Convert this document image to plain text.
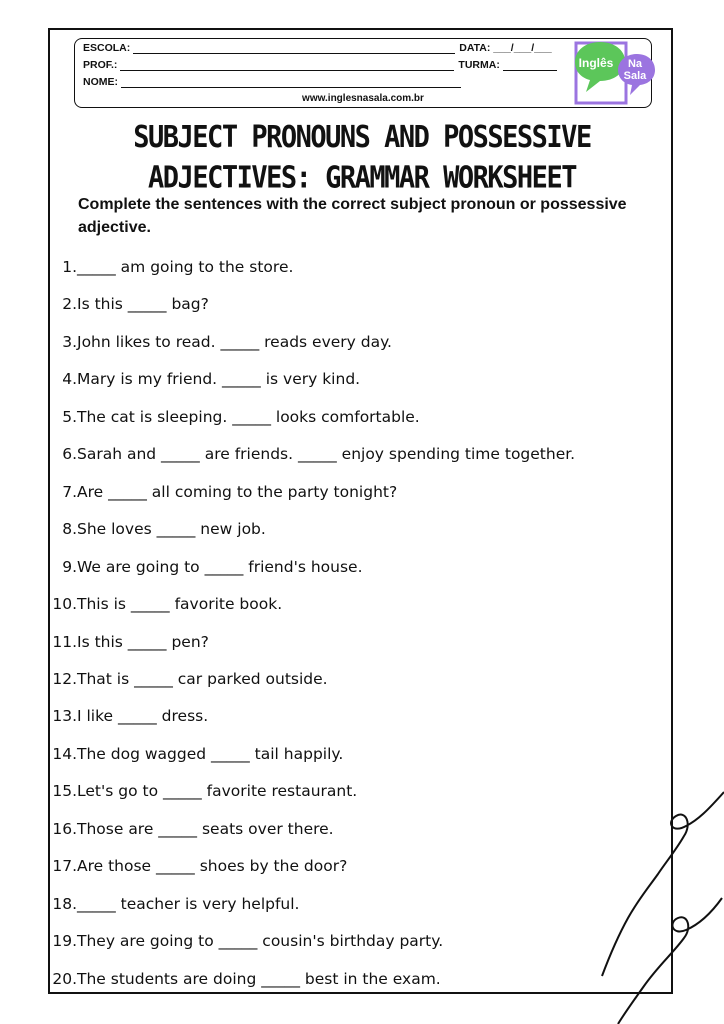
ESCOLA:	DATA: ___/___/___
PROF.:	TURMA:
NOME:
www.inglesnasala.com.br
Inglês	Na Sala
SUBJECT PRONOUNS AND POSSESSIVE ADJECTIVES: GRAMMAR WORKSHEET
Complete the sentences with the correct subject pronoun or possessive adjective.
1. _____ am going to the store.
2. Is this _____ bag?
3. John likes to read. _____ reads every day.
4. Mary is my friend. _____ is very kind.
5. The cat is sleeping. _____ looks comfortable.
6. Sarah and _____ are friends. _____ enjoy spending time together.
7. Are _____ all coming to the party tonight?
8. She loves _____ new job.
9. We are going to _____ friend's house.
10. This is _____ favorite book.
11. Is this _____ pen?
12. That is _____ car parked outside.
13. I like _____ dress.
14. The dog wagged _____ tail happily.
15. Let's go to _____ favorite restaurant.
16. Those are _____ seats over there.
17. Are those _____ shoes by the door?
18. _____ teacher is very helpful.
19. They are going to _____ cousin's birthday party.
20. The students are doing _____ best in the exam.
